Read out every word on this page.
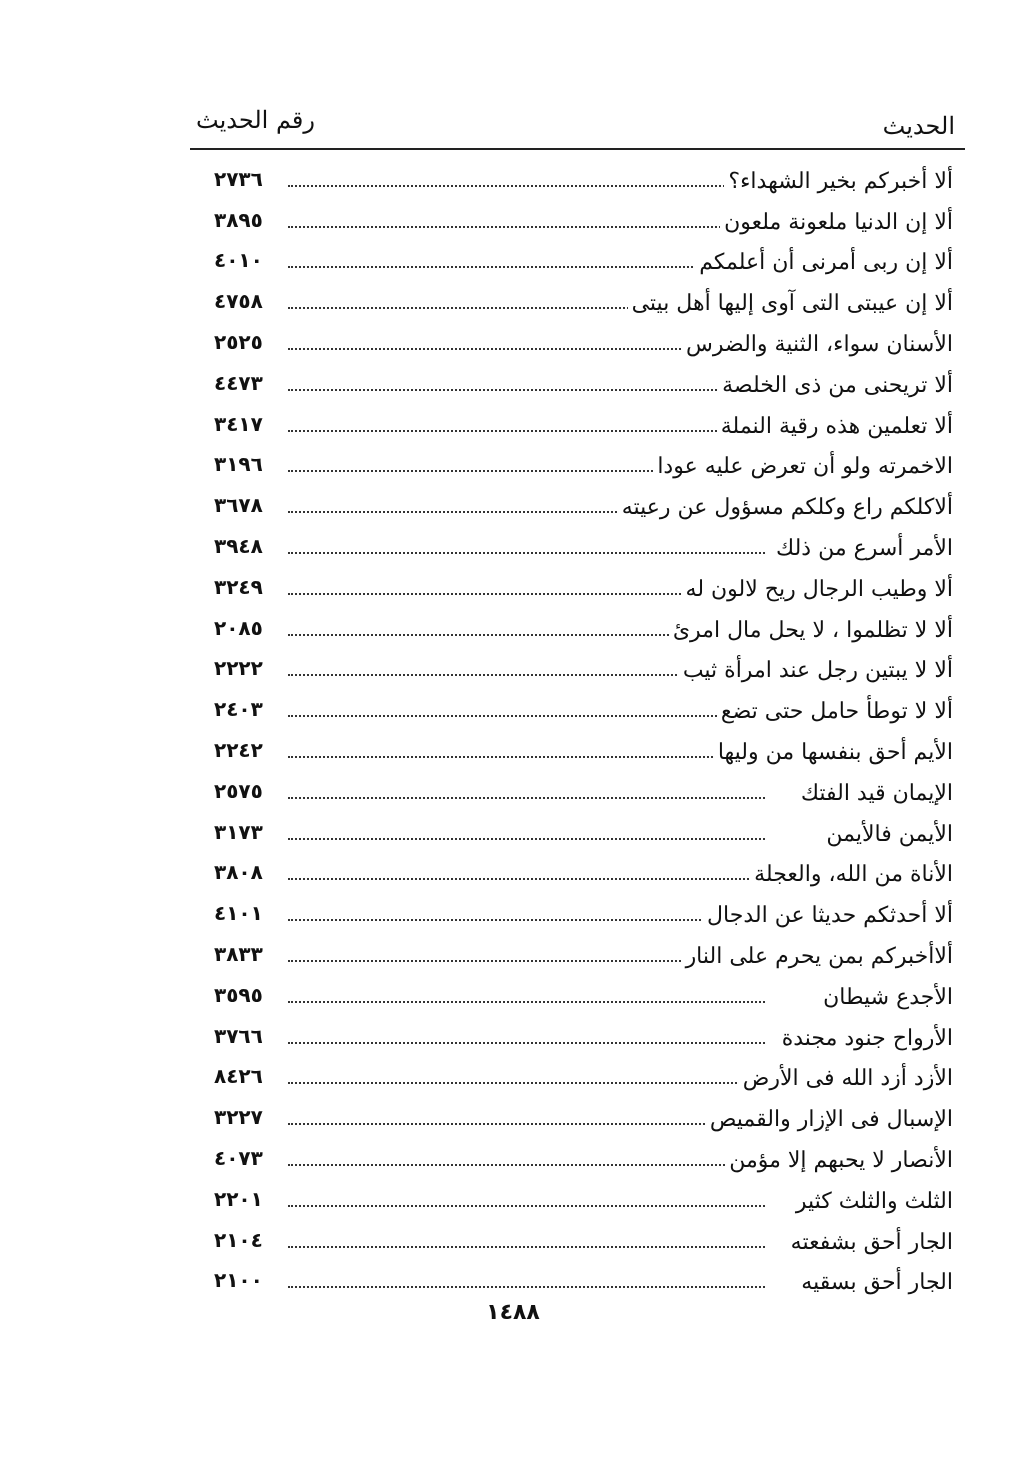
الحديث
رقم الحديث
ألا أخبركم بخير الشهداء؟
٢٧٣٦
ألا إن الدنيا ملعونة ملعون
٣٨٩٥
ألا إن ربى أمرنى أن أعلمكم
٤٠١٠
ألا إن عيبتى التى آوى إليها أهل بيتى
٤٧٥٨
الأسنان سواء، الثنية والضرس
٢٥٢٥
ألا تريحنى من ذى الخلصة
٤٤٧٣
ألا تعلمين هذه رقية النملة
٣٤١٧
الاخمرته ولو أن تعرض عليه عودا
٣١٩٦
ألاكلكم راع وكلكم مسؤول عن رعيته
٣٦٧٨
الأمر أسرع من ذلك
٣٩٤٨
ألا وطيب الرجال ريح لالون له
٣٢٤٩
ألا لا تظلموا ، لا يحل مال امرئ
٢٠٨٥
ألا لا يبتين رجل عند امرأة ثيب
٢٢٢٢
ألا لا توطأ حامل حتى تضع
٢٤٠٣
الأيم أحق بنفسها من وليها
٢٢٤٢
الإيمان قيد الفتك
٢٥٧٥
الأيمن فالأيمن
٣١٧٣
الأناة من الله، والعجلة
٣٨٠٨
ألا أحدثكم حديثا عن الدجال
٤١٠١
ألاأخبركم بمن يحرم على النار
٣٨٣٣
الأجدع شيطان
٣٥٩٥
الأرواح جنود مجندة
٣٧٦٦
الأزد أزد الله فى الأرض
٨٤٢٦
الإسبال فى الإزار والقميص
٣٢٢٧
الأنصار لا يحبهم إلا مؤمن
٤٠٧٣
الثلث والثلث كثير
٢٢٠١
الجار أحق بشفعته
٢١٠٤
الجار أحق بسقيه
٢١٠٠
١٤٨٨
